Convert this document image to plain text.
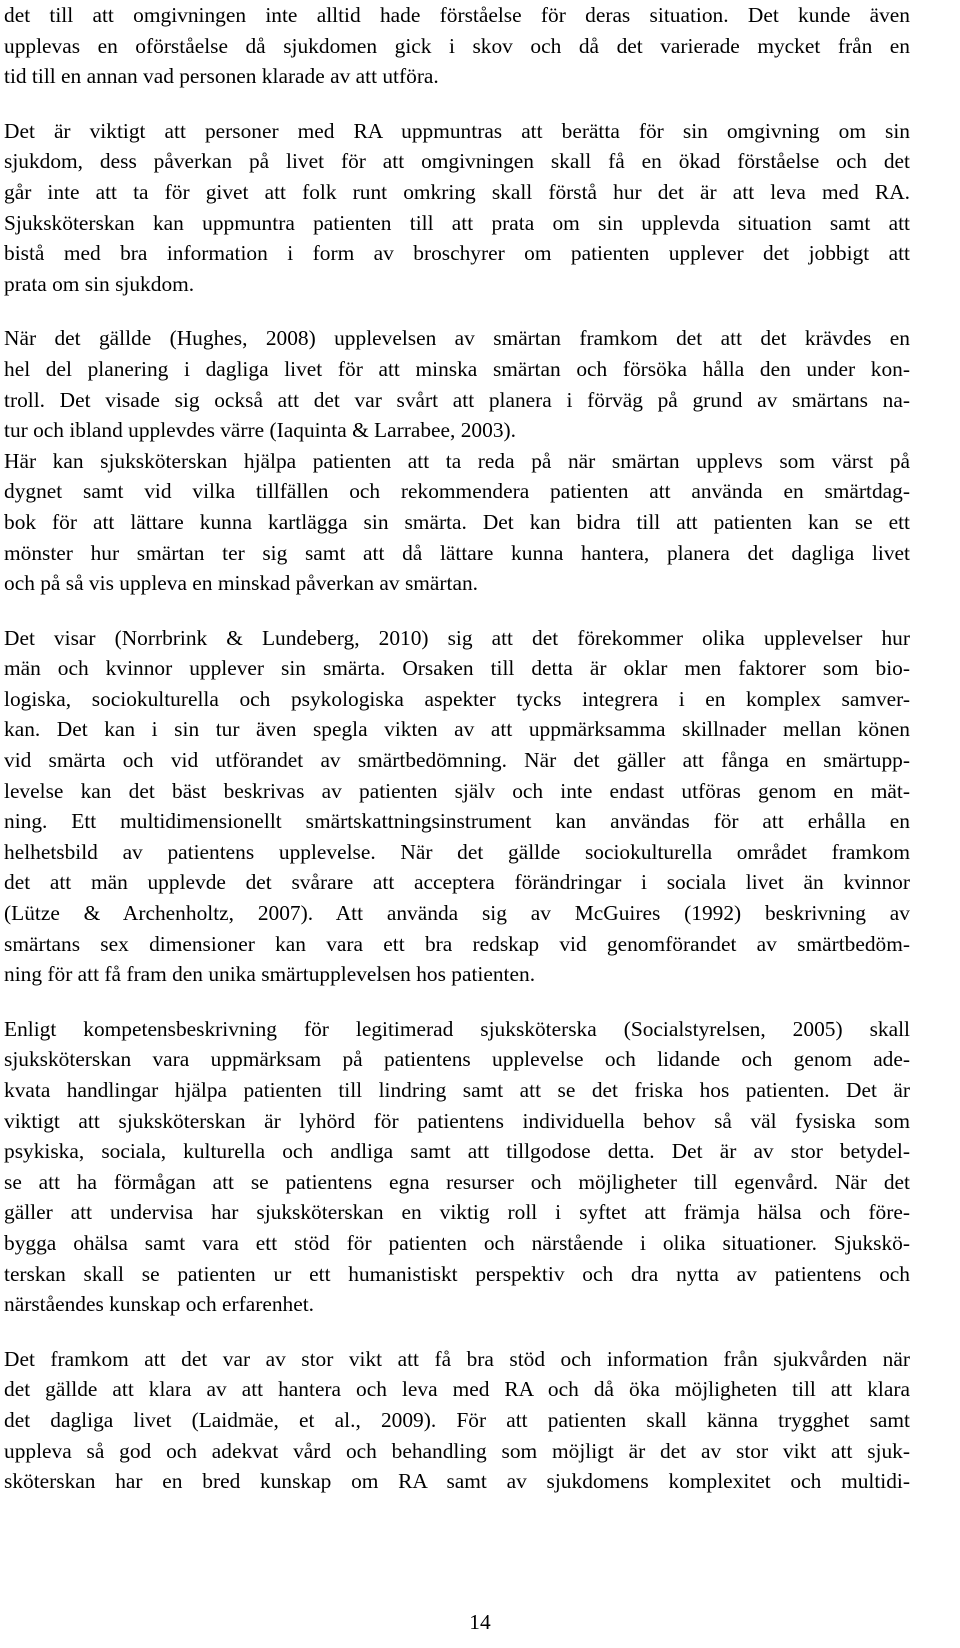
det till att omgivningen inte alltid hade förståelse för deras situation. Det kunde även
upplevas en oförståelse då sjukdomen gick i skov och då det varierade mycket från en
tid till en annan vad personen klarade av att utföra.

Det är viktigt att personer med RA uppmuntras att berätta för sin omgivning om sin
sjukdom, dess påverkan på livet för att omgivningen skall få en ökad förståelse och det
går inte att ta för givet att folk runt omkring skall förstå hur det är att leva med RA.
Sjuksköterskan kan uppmuntra patienten till att prata om sin upplevda situation samt att
bistå med bra information i form av broschyrer om patienten upplever det jobbigt att
prata om sin sjukdom.

När det gällde (Hughes, 2008) upplevelsen av smärtan framkom det att det krävdes en
hel del planering i dagliga livet för att minska smärtan och försöka hålla den under kon-
troll. Det visade sig också att det var svårt att planera i förväg på grund av smärtans na-
tur och ibland upplevdes värre (Iaquinta & Larrabee, 2003).

Här kan sjuksköterskan hjälpa patienten att ta reda på när smärtan upplevs som värst på
dygnet samt vid vilka tillfällen och rekommendera patienten att använda en smärtdag-
bok för att lättare kunna kartlägga sin smärta. Det kan bidra till att patienten kan se ett
mönster hur smärtan ter sig samt att då lättare kunna hantera, planera det dagliga livet
och på så vis uppleva en minskad påverkan av smärtan.

Det visar (Norrbrink & Lundeberg, 2010) sig att det förekommer olika upplevelser hur
män och kvinnor upplever sin smärta. Orsaken till detta är oklar men faktorer som bio-
logiska, sociokulturella och psykologiska aspekter tycks integrera i en komplex samver-
kan. Det kan i sin tur även spegla vikten av att uppmärksamma skillnader mellan könen
vid smärta och vid utförandet av smärtbedömning. När det gäller att fånga en smärtupp-
levelse kan det bäst beskrivas av patienten själv och inte endast utföras genom en mät-
ning. Ett multidimensionellt smärtskattningsinstrument kan användas för att erhålla en
helhetsbild av patientens upplevelse. När det gällde sociokulturella området framkom
det att män upplevde det svårare att acceptera förändringar i sociala livet än kvinnor
(Lütze & Archenholtz, 2007). Att använda sig av McGuires (1992) beskrivning av
smärtans sex dimensioner kan vara ett bra redskap vid genomförandet av smärtbedöm-
ning för att få fram den unika smärtupplevelsen hos patienten.

Enligt kompetensbeskrivning för legitimerad sjuksköterska (Socialstyrelsen, 2005) skall
sjuksköterskan vara uppmärksam på patientens upplevelse och lidande och genom ade-
kvata handlingar hjälpa patienten till lindring samt att se det friska hos patienten. Det är
viktigt att sjuksköterskan är lyhörd för patientens individuella behov så väl fysiska som
psykiska, sociala, kulturella och andliga samt att tillgodose detta. Det är av stor betydel-
se att ha förmågan att se patientens egna resurser och möjligheter till egenvård. När det
gäller att undervisa har sjuksköterskan en viktig roll i syftet att främja hälsa och före-
bygga ohälsa samt vara ett stöd för patienten och närstående i olika situationer. Sjukskö-
terskan skall se patienten ur ett humanistiskt perspektiv och dra nytta av patientens och
närståendes kunskap och erfarenhet.

Det framkom att det var av stor vikt att få bra stöd och information från sjukvården när
det gällde att klara av att hantera och leva med RA och då öka möjligheten till att klara
det dagliga livet (Laidmäe, et al., 2009). För att patienten skall känna trygghet samt
uppleva så god och adekvat vård och behandling som möjligt är det av stor vikt att sjuk-
sköterskan har en bred kunskap om RA samt av sjukdomens komplexitet och multidi-

14
